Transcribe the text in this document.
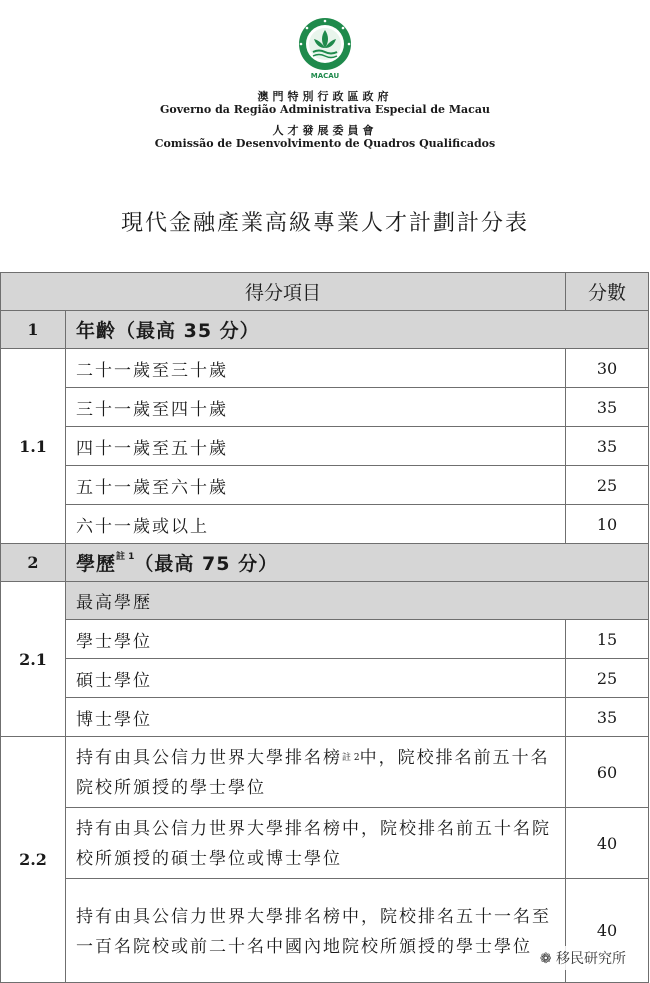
MACAU
澳門特別行政區政府
Governo da Região Administrativa Especial de Macau
人才發展委員會
Comissão de Desenvolvimento de Quadros Qualificados
現代金融產業高級專業人才計劃計分表
得分項目		分數
1	年齡（最高 35 分）	
1.1	二十一歲至三十歲	30
	三十一歲至四十歲	35
	四十一歲至五十歲	35
	五十一歲至六十歲	25
	六十一歲或以上	10
2	學歷$^{註 1}$（最高 75 分）	
2.1	最高學歷	
	學士學位	15
	碩士學位	25
	博士學位	35
2.2	持有由具公信力世界大學排名榜$^{註 2}$中，院校排名前五十名院校所頒授的學士學位	60
	持有由具公信力世界大學排名榜中，院校排名前五十名院校所頒授的碩士學位或博士學位	40
	持有由具公信力世界大學排名榜中，院校排名五十一名至一百名院校或前二十名中國內地院校所頒授的學士學位	40
❁ 移民研究所
